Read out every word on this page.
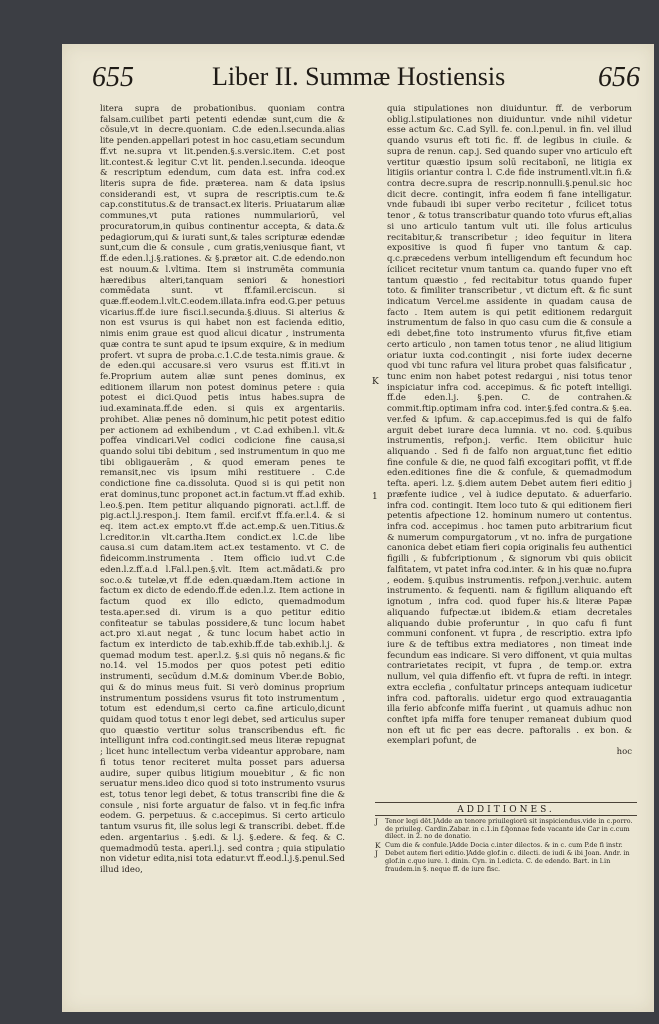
655	Liber II. Summæ Hostiensis	656

litera supra de probationibus. quoniam contra falsam.cuilibet parti petenti edendæ sunt,cum die & cõsule,vt in decre.quoniam. C.de eden.l.secunda.alias lite penden.appellari potest in hoc casu,etiam secundum ff.vt ne.supra vt lit.penden.§.s.versic.item. C.et post lit.contest.& legitur C.vt lit. penden.l.secunda. ideoque & rescriptum edendum, cum data est. infra cod.ex literis supra de fide. præterea. nam & data ipsius considerandi est, vt supra de rescriptis.cum te.& cap.constitutus.& de transact.ex literis. Priuatarum aliæ communes,vt puta rationes nummulariorū, vel procuratorum,in quibus continentur accepta, & data.& pedagiorum,qui & iurati sunt,& tales scripturæ edendæ sunt,cum die & consule , cum gratis,veniusque fiant, vt ff.de eden.l.j.§.rationes. & §.prætor ait. C.de edendo.non est nouum.& l.vltima. Item si instrumēta communia hæredibus alteri,tanquam seniori & honestiori commēdata sunt. vt ff.famil.erciscun. si quæ.ff.eodem.l.vlt.C.eodem.illata.infra eod.G.per petuus vicarius.ff.de iure fisci.l.secunda.§.diuus. Si alterius & non est vsurus is qui habet non est facienda editio, nimis enim graue est quod alicui dicatur , instrumenta quæ contra te sunt apud te ipsum exquire, & in medium profert. vt supra de proba.c.1.C.de testa.nimis graue. & de eden.qui accusare.si vero vsurus est ff.iti.vt in fe.Proprium autem aliæ sunt penes dominus, ex editionem illarum non potest dominus petere : quia potest ei dici.Quod petis intus habes.supra de iud.examinata.ff.de eden. si quis ex argentariis. prohibet. Aliæ penes nō dominum,hic petit potest editio per actionem ad exhibendum , vt C.ad exhiben.l. vlt.& poffea vindicari.Vel codici codicione fine causa,si quando solui tibi debitum , sed instrumentum in quo me tibi obligauerām , & quod emeram penes te remansit,nec vis ipsum mihi restituere . C.de condictione fine ca.dissoluta. Quod si is qui petit non erat dominus,tunc proponet act.in factum.vt ff.ad exhib. l.eo.§.pen. Item petitur aliquando pignorati. act.l.ff. de pig.act.l.j.respon.j. Item famil. ercif.vt ff.fa.er.l.4. & si eq. item act.ex empto.vt ff.de act.emp.& uen.Titius.& l.creditor.in vlt.cartha.Item condict.ex l.C.de libe causa.si cum datam.item act.ex testamento. vt C. de fideicomm.instrumenta . Item officio iud.vt C.de eden.l.z.ff.a.d l.Fal.l.pen.§.vlt. Item act.mādati.& pro soc.o.& tutelæ,vt ff.de eden.quædam.Item actione in factum ex dicto de edendo.ff.de eden.l.z. Item actione in factum quod ex illo edicto, quemadmodum testa.aper.sed di. virum is a quo petitur editio confiteatur se tabulas possidere,& tunc locum habet act.pro xi.aut negat , & tunc locum habet actio in factum ex interdicto de tab.exhib.ff.de tab.exhib.l.j. & quemad modum test. aper.l.z. §.si quis nō negans.& fic no.14. vel 15.modos per quos potest peti editio instrumenti, secūdum d.M.& dominum Vber.de Bobio, qui & do minus meus fuit. Si verò dominus proprium instrumentum possidens vsurus fit toto instrumentum , totum est edendum,si certo ca.fine articulo,dicunt quidam quod totus t enor legi debet, sed articulus super quo quæstio vertitur solus transcribendus eft. fic intelligunt infra cod.contingit.sed meus literæ repugnat ; licet hunc intellectum verba videantur approbare, nam fi totus tenor reciteret multa posset pars aduersa audire, super quibus litigium mouebitur , & fic non seruatur mens.ideo dico quod si toto instrumento vsurus est, totus tenor legi debet, & totus transcribi fine die & consule , nisi forte arguatur de falso. vt in feq.fic infra eodem. G. perpetuus. & c.accepimus. Si certo articulo tantum vsurus fit, ille solus legi & transcribi. debet. ff.de eden. argentarius . §.edi. & l.j. §.edere. & feq. & C. quemadmodū testa. aperi.l.j. sed contra ; quia stipulatio non videtur edita,nisi tota edatur.vt ff.eod.l.j.§.penul.Sed illud ideo,

quia stipulationes non diuiduntur. ff. de verborum oblig.l.stipulationes non diuiduntur. vnde nihil videtur esse actum &c. C.ad Syll. fe. con.l.penul. in fin. vel illud quando vsurus eft toti fic. ff. de legibus in ciuile. & supra de renun. cap.j. Sed quando super vno articulo eft vertitur quæstio ipsum solū recitabonī, ne litigia ex litigiis oriantur contra l. C.de fide instrumentl.vlt.in fi.& contra decre.supra de rescrip.nonnulli.§.penul.sic hoc dicit decre. contingit, infra eodem fi fane intelligatur. vnde fubaudi ibi super verbo recitetur , fcilicet totus tenor , & totus transcribatur quando toto vfurus eft,alias si uno articulo tantum vult uti. ille folus articulus recitabitur,& transcribetur ; ideo fequitur in litera expositive is quod fi fuper vno tantum & cap. q.c.præcedens verbum intelligendum eft fecundum hoc ícilicet recitetur vnum tantum ca. quando fuper vno eft tantum quæstio , fed recitabitur totus quando fuper toto. & fimiliter transcribetur , vt dictum eft. & fic sunt indicatum Vercel.me assidente in quadam causa de facto . Item autem is qui petit editionem redarguit instrumentum de falso in quo casu cum die & consule a edi debet,fine toto instrumento vfurus fit,five etiam certo articulo , non tamen totus tenor , ne aliud litigium oriatur iuxta cod.contingit , nisi forte iudex decerne quod vbi tunc rafura vel litura probet quas falsificatur , tunc enim non habet potest redargui , nisi totus tenor inspiciatur infra cod. accepimus. & fic poteft intelligi. ff.de eden.l.j. §.pen. C. de contrahen.& commit.ftip.optimam infra cod. inter.§.fed contra.& §.ea. ver.fed & ipfum. & cap.accepimus.fed is qui de falfo arguit debet iurare deca lumnia. vt no. cod. §.quibus instrumentis, refpon.j. verfic. Item obiicitur huic aliquando . Sed fi de falfo non arguat,tunc fiet editio fine confule & die, ne quod falfi excogitari poffit, vt ff.de eden.editiones fine die & confule, & quemadmodum tefta. aperi. l.z. §.diem autem Debet autem fieri editio j præfente iudice , vel à iudice deputato. & aduerfario. infra cod. contingit. Item loco tuto & qui editionem fieri petentis afpectione 12. hominum numero ut contentus. infra cod. accepimus . hoc tamen puto arbitrarium ficut & numerum compurgatorum , vt no. infra de purgatione canonica debet etiam fieri copia originalis feu authentici figilli , & fubfcriptionum , & signorum vbi quis obiicit falfitatem, vt patet infra cod.inter. & in his quæ no.fupra , eodem. §.quibus instrumentis. refpon.j.ver.huic. autem instrumento. & fequenti. nam & figillum aliquando eft ignotum , infra cod. quod fuper his.& literæ Papæ aliquando fufpectæ.ut ibidem.& etiam decretales aliquando dubie proferuntur , in quo cafu fi funt communi confonent. vt fupra , de rescriptio. extra ipfo iure & de teftibus extra mediatores , non timeat inde fecundum eas indicare. Si vero diffonent, vt quia multas contrarietates recipit, vt fupra , de temp.or. extra nullum, vel quia diffenfio eft. vt fupra de refti. in integr. extra ecclefia , confultatur princeps antequam iudicetur infra cod. paftoralis. uidetur ergo quod extrauagantia illa ferio abfconfe miffa fuerint , ut quamuis adhuc non conftet ipfa miffa fore tenuper remaneat dubium quod non eft ut fic per eas decre. paftoralis . ex bon. & exemplari pofunt, de

hoc

K
1
ADDITIONES.
J Tenor legi dēt.]Adde an tenore priuilegiorū sit inspiciendus.vide in c.porro. de priuileg. Cardin.Zabar. in c.1.in f.q̃onnae fede vacante ide Car in c.cum dilect. in 2. no de donatio.
K Cum die & confule.]Adde Docia c.inter dilectos. & in c. cum P.de fi instr.
J Debet autem fieri editio.]Adde glof.in c. dilecti. de iudi & ibi Joan. Andr. in glof.in c.quo iure. l. dinin. Cyn. in l.edicta. C. de edendo. Bart. in l.in fraudem.in §. neque ff. de iure fisc.
